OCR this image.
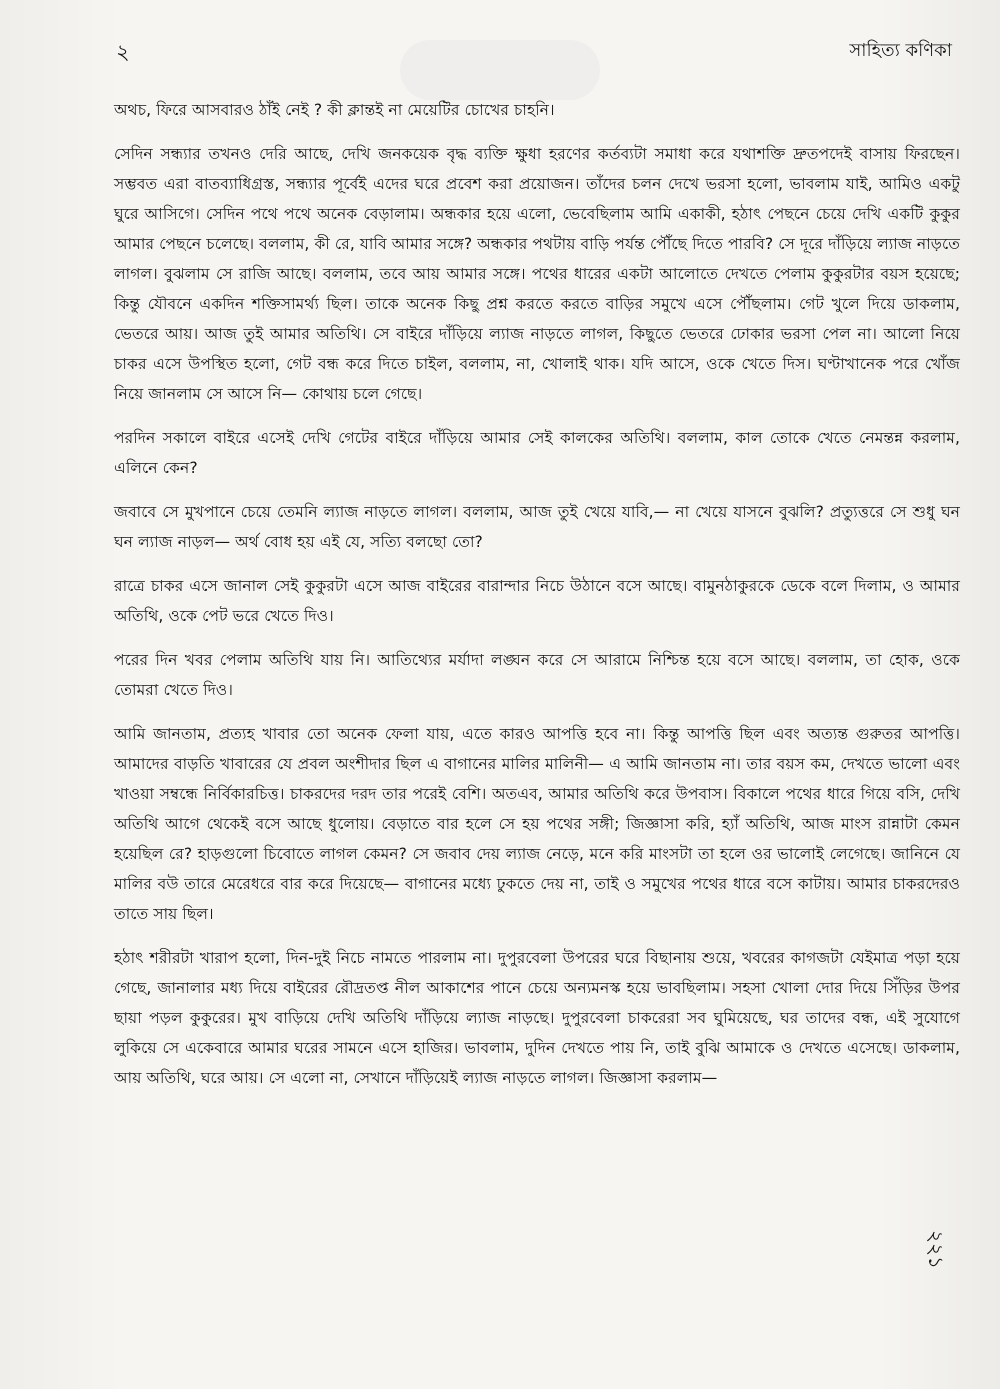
২	সাহিত্য কণিকা

অথচ, ফিরে আসবারও ঠাঁই নেই ? কী ক্লান্তই না মেয়েটির চোখের চাহনি।

সেদিন সন্ধ্যার তখনও দেরি আছে, দেখি জনকয়েক বৃদ্ধ ব্যক্তি ক্ষুধা হরণের কর্তব্যটা সমাধা করে যথাশক্তি দ্রুতপদেই বাসায় ফিরছেন। সম্ভবত এরা বাতব্যাধিগ্রস্ত, সন্ধ্যার পূর্বেই এদের ঘরে প্রবেশ করা প্রয়োজন। তাঁদের চলন দেখে ভরসা হলো, ভাবলাম যাই, আমিও একটু ঘুরে আসিগে। সেদিন পথে পথে অনেক বেড়ালাম। অন্ধকার হয়ে এলো, ভেবেছিলাম আমি একাকী, হঠাৎ পেছনে চেয়ে দেখি একটি কুকুর আমার পেছনে চলেছে। বললাম, কী রে, যাবি আমার সঙ্গে? অন্ধকার পথটায় বাড়ি পর্যন্ত পৌঁছে দিতে পারবি? সে দূরে দাঁড়িয়ে ল্যাজ নাড়তে লাগল। বুঝলাম সে রাজি আছে। বললাম, তবে আয় আমার সঙ্গে। পথের ধারের একটা আলোতে দেখতে পেলাম কুকুরটার বয়স হয়েছে; কিন্তু যৌবনে একদিন শক্তিসামর্থ্য ছিল। তাকে অনেক কিছু প্রশ্ন করতে করতে বাড়ির সমুখে এসে পৌঁছলাম। গেট খুলে দিয়ে ডাকলাম, ভেতরে আয়। আজ তুই আমার অতিথি। সে বাইরে দাঁড়িয়ে ল্যাজ নাড়তে লাগল, কিছুতে ভেতরে ঢোকার ভরসা পেল না। আলো নিয়ে চাকর এসে উপস্থিত হলো, গেট বন্ধ করে দিতে চাইল, বললাম, না, খোলাই থাক। যদি আসে, ওকে খেতে দিস। ঘণ্টাখানেক পরে খোঁজ নিয়ে জানলাম সে আসে নি— কোথায় চলে গেছে।

পরদিন সকালে বাইরে এসেই দেখি গেটের বাইরে দাঁড়িয়ে আমার সেই কালকের অতিথি। বললাম, কাল তোকে খেতে নেমন্তন্ন করলাম, এলিনে কেন?

জবাবে সে মুখপানে চেয়ে তেমনি ল্যাজ নাড়তে লাগল। বললাম, আজ তুই খেয়ে যাবি,— না খেয়ে যাসনে বুঝলি? প্রত্যুত্তরে সে শুধু ঘন ঘন ল্যাজ নাড়ল— অর্থ বোধ হয় এই যে, সত্যি বলছো তো?

রাত্রে চাকর এসে জানাল সেই কুকুরটা এসে আজ বাইরের বারান্দার নিচে উঠানে বসে আছে। বামুনঠাকুরকে ডেকে বলে দিলাম, ও আমার অতিথি, ওকে পেট ভরে খেতে দিও।

পরের দিন খবর পেলাম অতিথি যায় নি। আতিথ্যের মর্যাদা লঙ্ঘন করে সে আরামে নিশ্চিন্ত হয়ে বসে আছে। বললাম, তা হোক, ওকে তোমরা খেতে দিও।

আমি জানতাম, প্রত্যহ খাবার তো অনেক ফেলা যায়, এতে কারও আপত্তি হবে না। কিন্তু আপত্তি ছিল এবং অত্যন্ত গুরুতর আপত্তি। আমাদের বাড়তি খাবারের যে প্রবল অংশীদার ছিল এ বাগানের মালির মালিনী— এ আমি জানতাম না। তার বয়স কম, দেখতে ভালো এবং খাওয়া সম্বন্ধে নির্বিকারচিত্ত। চাকরদের দরদ তার পরেই বেশি। অতএব, আমার অতিথি করে উপবাস। বিকালে পথের ধারে গিয়ে বসি, দেখি অতিথি আগে থেকেই বসে আছে ধুলোয়। বেড়াতে বার হলে সে হয় পথের সঙ্গী; জিজ্ঞাসা করি, হ্যাঁ অতিথি, আজ মাংস রান্নাটা কেমন হয়েছিল রে? হাড়গুলো চিবোতে লাগল কেমন? সে জবাব দেয় ল্যাজ নেড়ে, মনে করি মাংসটা তা হলে ওর ভালোই লেগেছে। জানিনে যে মালির বউ তারে মেরেধরে বার করে দিয়েছে— বাগানের মধ্যে ঢুকতে দেয় না, তাই ও সমুখের পথের ধারে বসে কাটায়। আমার চাকরদেরও তাতে সায় ছিল।

হঠাৎ শরীরটা খারাপ হলো, দিন-দুই নিচে নামতে পারলাম না। দুপুরবেলা উপরের ঘরে বিছানায় শুয়ে, খবরের কাগজটা যেইমাত্র পড়া হয়ে গেছে, জানালার মধ্য দিয়ে বাইরের রৌদ্রতপ্ত নীল আকাশের পানে চেয়ে অন্যমনস্ক হয়ে ভাবছিলাম। সহসা খোলা দোর দিয়ে সিঁড়ির উপর ছায়া পড়ল কুকুরের। মুখ বাড়িয়ে দেখি অতিথি দাঁড়িয়ে ল্যাজ নাড়ছে। দুপুরবেলা চাকরেরা সব ঘুমিয়েছে, ঘর তাদের বন্ধ, এই সুযোগে লুকিয়ে সে একেবারে আমার ঘরের সামনে এসে হাজির। ভাবলাম, দুদিন দেখতে পায় নি, তাই বুঝি আমাকে ও দেখতে এসেছে। ডাকলাম, আয় অতিথি, ঘরে আয়। সে এলো না, সেখানে দাঁড়িয়েই ল্যাজ নাড়তে লাগল। জিজ্ঞাসা করলাম—

২২১
